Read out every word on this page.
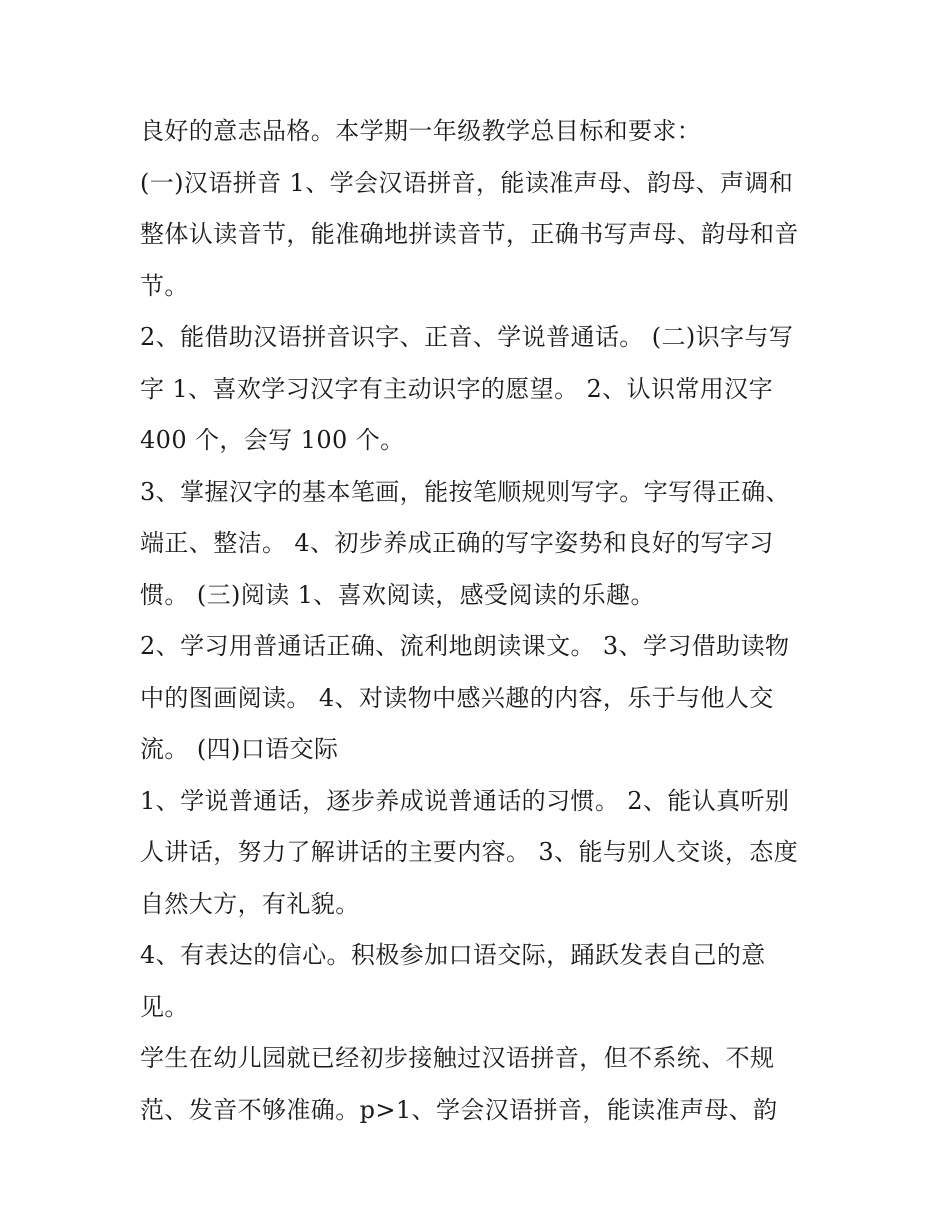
良好的意志品格。本学期一年级教学总目标和要求：
(一)汉语拼音 1、学会汉语拼音，能读准声母、韵母、声调和
整体认读音节，能准确地拼读音节，正确书写声母、韵母和音
节。
2、能借助汉语拼音识字、正音、学说普通话。 (二)识字与写
字 1、喜欢学习汉字有主动识字的愿望。 2、认识常用汉字
400 个，会写 100 个。
3、掌握汉字的基本笔画，能按笔顺规则写字。字写得正确、
端正、整洁。 4、初步养成正确的写字姿势和良好的写字习
惯。 (三)阅读 1、喜欢阅读，感受阅读的乐趣。
2、学习用普通话正确、流利地朗读课文。 3、学习借助读物
中的图画阅读。 4、对读物中感兴趣的内容，乐于与他人交
流。 (四)口语交际
1、学说普通话，逐步养成说普通话的习惯。 2、能认真听别
人讲话，努力了解讲话的主要内容。 3、能与别人交谈，态度
自然大方，有礼貌。
4、有表达的信心。积极参加口语交际，踊跃发表自己的意
见。
学生在幼儿园就已经初步接触过汉语拼音，但不系统、不规
范、发音不够准确。p>1、学会汉语拼音，能读准声母、韵
